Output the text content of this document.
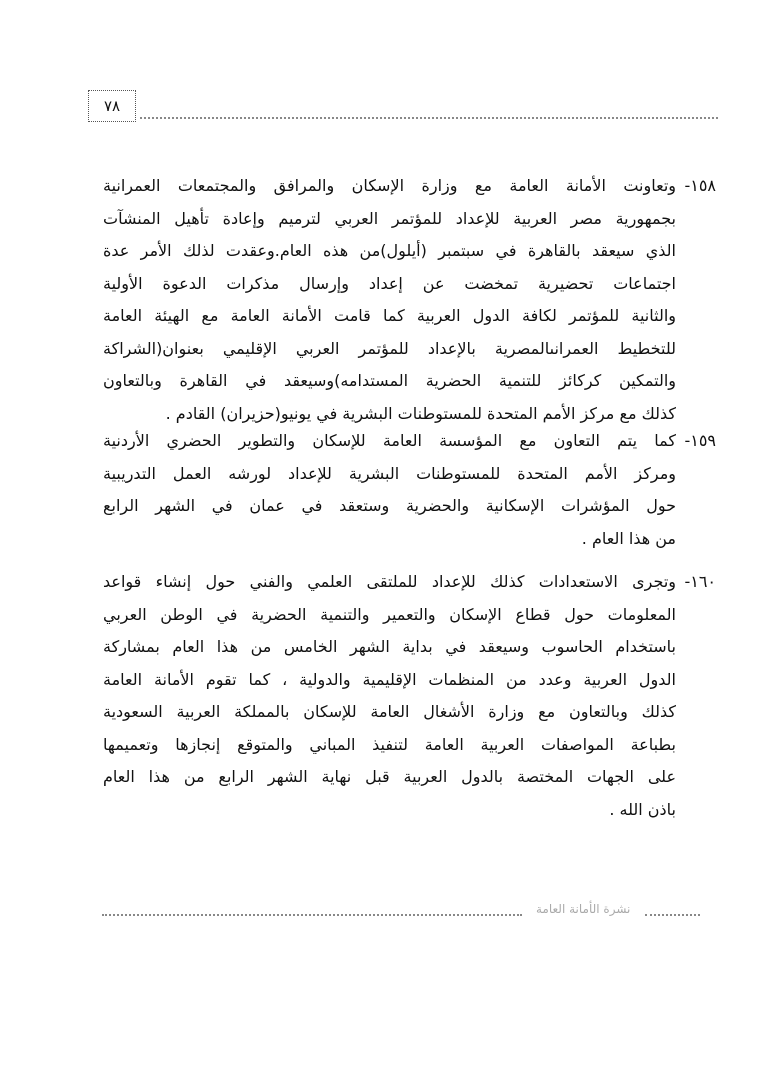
٧٨
١٥٨-
وتعاونت الأمانة العامة مع وزارة الإسكان والمرافق والمجتمعات العمرانية
بجمهورية مصر العربية للإعداد للمؤتمر العربي لترميم وإعادة تأهيل المنشآت
الذي سيعقد بالقاهرة في سبتمبر (أيلول)من هذه العام.وعقدت لذلك الأمر عدة
اجتماعات تحضيرية تمخضت عن إعداد وإرسال مذكرات الدعوة الأولية
والثانية للمؤتمر لكافة الدول العربية كما قامت الأمانة العامة مع الهيئة العامة
للتخطيط العمرانىالمصرية بالإعداد للمؤتمر العربي الإقليمي بعنوان(الشراكة
والتمكين كركائز للتنمية الحضرية المستدامه)وسيعقد في القاهرة وبالتعاون
كذلك مع مركز الأمم المتحدة للمستوطنات البشرية في يونيو(حزيران) القادم .
١٥٩-
كما يتم التعاون مع المؤسسة العامة للإسكان والتطوير الحضري الأردنية
ومركز الأمم المتحدة للمستوطنات البشرية للإعداد لورشه العمل التدريبية
حول المؤشرات الإسكانية والحضرية وستعقد في عمان في الشهر الرابع
من هذا العام .
١٦٠-
وتجرى الاستعدادات كذلك للإعداد للملتقى العلمي والفني حول إنشاء قواعد
المعلومات حول قطاع الإسكان والتعمير والتنمية الحضرية في الوطن العربي
باستخدام الحاسوب وسيعقد في بداية الشهر الخامس من هذا العام بمشاركة
الدول العربية وعدد من المنظمات الإقليمية والدولية ، كما تقوم الأمانة العامة
كذلك وبالتعاون مع وزارة الأشغال العامة للإسكان بالمملكة العربية السعودية
بطباعة المواصفات العربية العامة لتنفيذ المباني والمتوقع إنجازها وتعميمها
على الجهات المختصة بالدول العربية قبل نهاية الشهر الرابع من هذا العام
باذن الله .
نشرة الأمانة العامة
